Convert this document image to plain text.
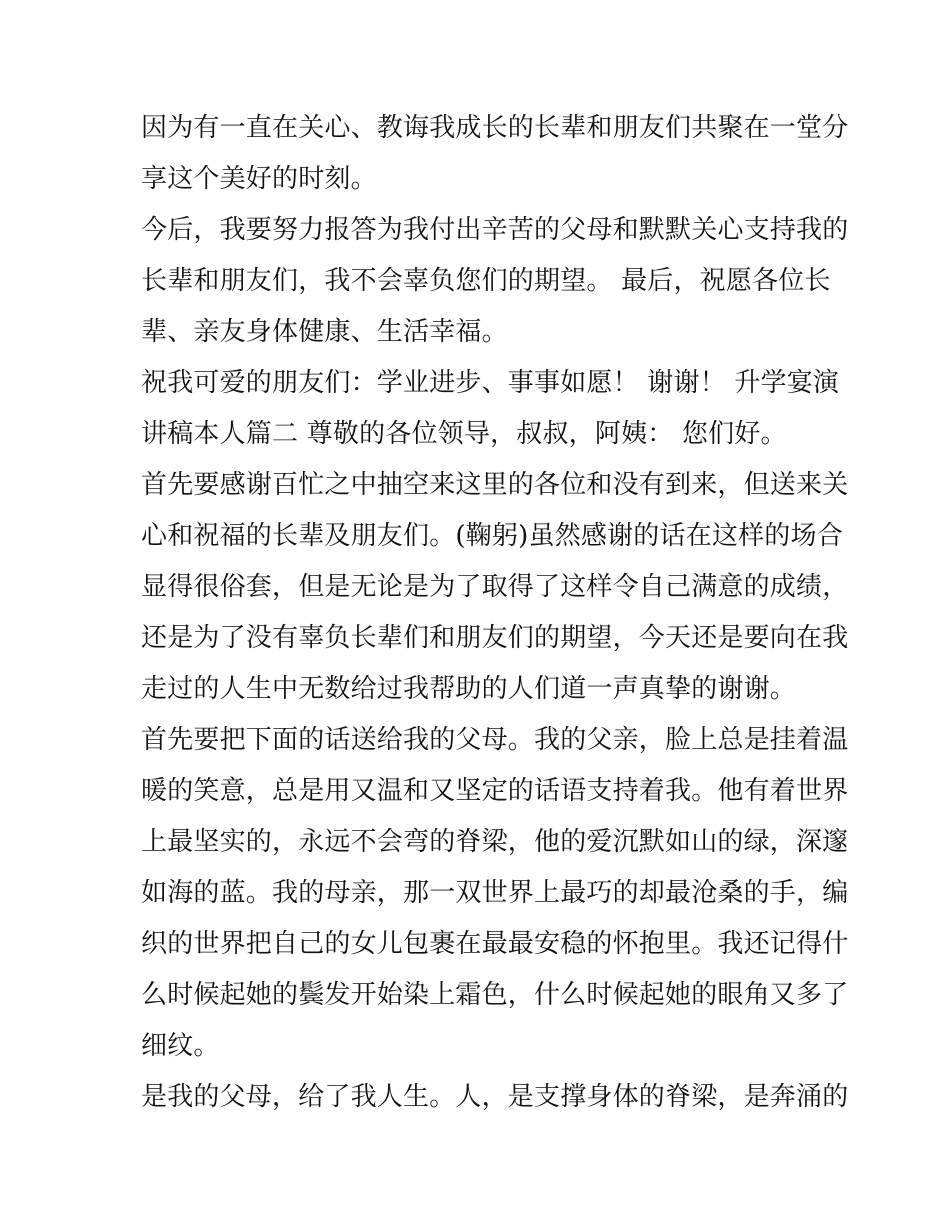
因为有一直在关心、教诲我成长的长辈和朋友们共聚在一堂分
享这个美好的时刻。
今后，我要努力报答为我付出辛苦的父母和默默关心支持我的
长辈和朋友们，我不会辜负您们的期望。 最后，祝愿各位长
辈、亲友身体健康、生活幸福。
祝我可爱的朋友们：学业进步、事事如愿！ 谢谢！ 升学宴演
讲稿本人篇二 尊敬的各位领导，叔叔，阿姨： 您们好。
首先要感谢百忙之中抽空来这里的各位和没有到来，但送来关
心和祝福的长辈及朋友们。(鞠躬)虽然感谢的话在这样的场合
显得很俗套，但是无论是为了取得了这样令自己满意的成绩，
还是为了没有辜负长辈们和朋友们的期望，今天还是要向在我
走过的人生中无数给过我帮助的人们道一声真挚的谢谢。
首先要把下面的话送给我的父母。我的父亲，脸上总是挂着温
暖的笑意，总是用又温和又坚定的话语支持着我。他有着世界
上最坚实的，永远不会弯的脊梁，他的爱沉默如山的绿，深邃
如海的蓝。我的母亲，那一双世界上最巧的却最沧桑的手，编
织的世界把自己的女儿包裹在最最安稳的怀抱里。我还记得什
么时候起她的鬓发开始染上霜色，什么时候起她的眼角又多了
细纹。
是我的父母，给了我人生。人，是支撑身体的脊梁，是奔涌的
